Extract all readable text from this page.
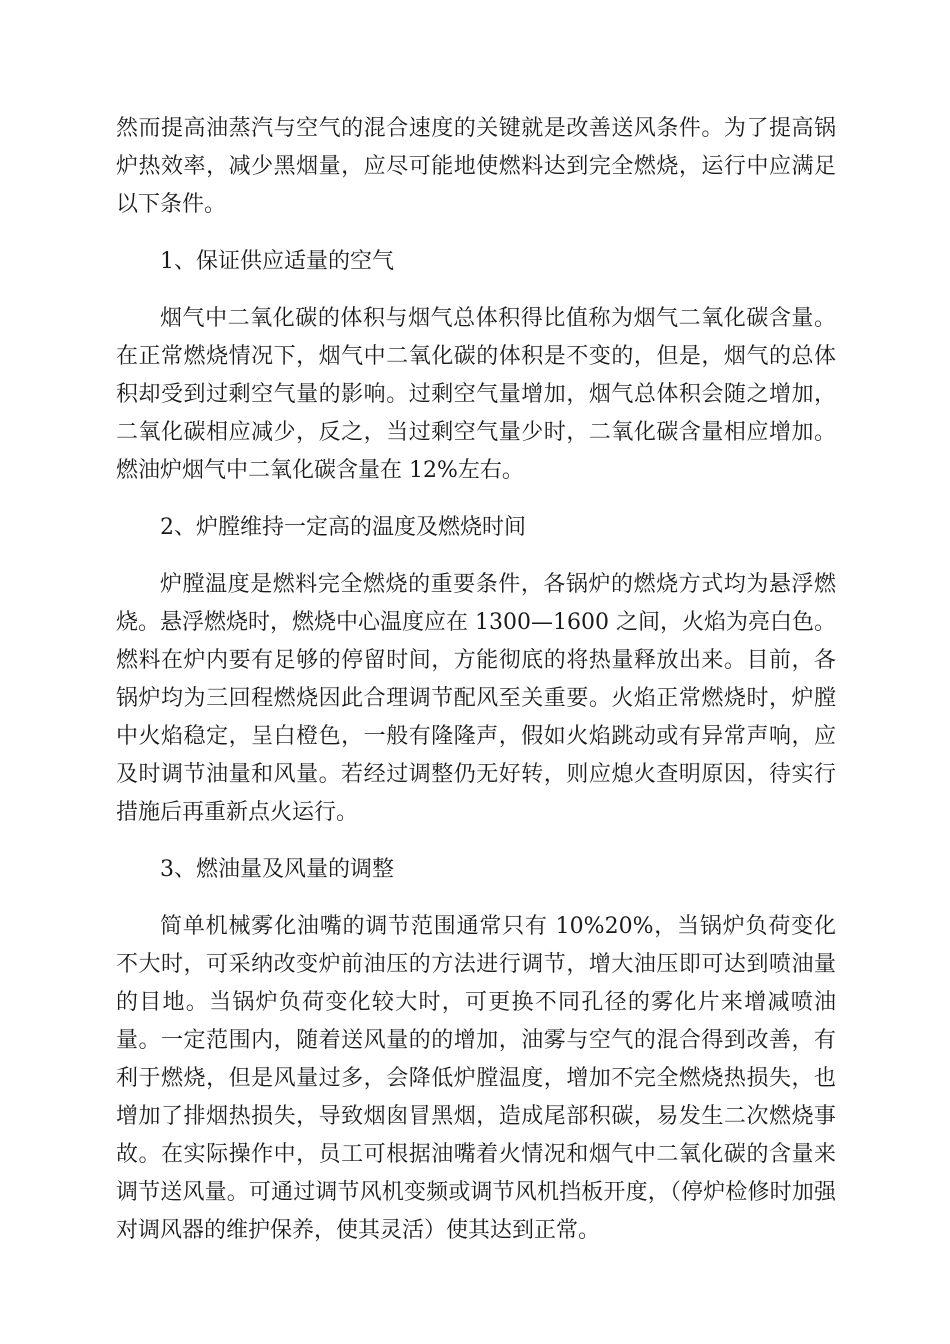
然而提高油蒸汽与空气的混合速度的关键就是改善送风条件。为了提高锅炉热效率，减少黑烟量，应尽可能地使燃料达到完全燃烧，运行中应满足以下条件。

1、保证供应适量的空气

烟气中二氧化碳的体积与烟气总体积得比值称为烟气二氧化碳含量。在正常燃烧情况下，烟气中二氧化碳的体积是不变的，但是，烟气的总体积却受到过剩空气量的影响。过剩空气量增加，烟气总体积会随之增加，二氧化碳相应减少，反之，当过剩空气量少时，二氧化碳含量相应增加。燃油炉烟气中二氧化碳含量在 12%左右。

2、炉膛维持一定高的温度及燃烧时间

炉膛温度是燃料完全燃烧的重要条件，各锅炉的燃烧方式均为悬浮燃烧。悬浮燃烧时，燃烧中心温度应在 1300—1600 之间，火焰为亮白色。燃料在炉内要有足够的停留时间，方能彻底的将热量释放出来。目前，各锅炉均为三回程燃烧因此合理调节配风至关重要。火焰正常燃烧时，炉膛中火焰稳定，呈白橙色，一般有隆隆声，假如火焰跳动或有异常声响，应及时调节油量和风量。若经过调整仍无好转，则应熄火查明原因，待实行措施后再重新点火运行。

3、燃油量及风量的调整

简单机械雾化油嘴的调节范围通常只有 10%20%，当锅炉负荷变化不大时，可采纳改变炉前油压的方法进行调节，增大油压即可达到喷油量的目地。当锅炉负荷变化较大时，可更换不同孔径的雾化片来增减喷油量。一定范围内，随着送风量的的增加，油雾与空气的混合得到改善，有利于燃烧，但是风量过多，会降低炉膛温度，增加不完全燃烧热损失，也增加了排烟热损失，导致烟囱冒黑烟，造成尾部积碳，易发生二次燃烧事故。在实际操作中，员工可根据油嘴着火情况和烟气中二氧化碳的含量来调节送风量。可通过调节风机变频或调节风机挡板开度，（停炉检修时加强对调风器的维护保养，使其灵活）使其达到正常。
